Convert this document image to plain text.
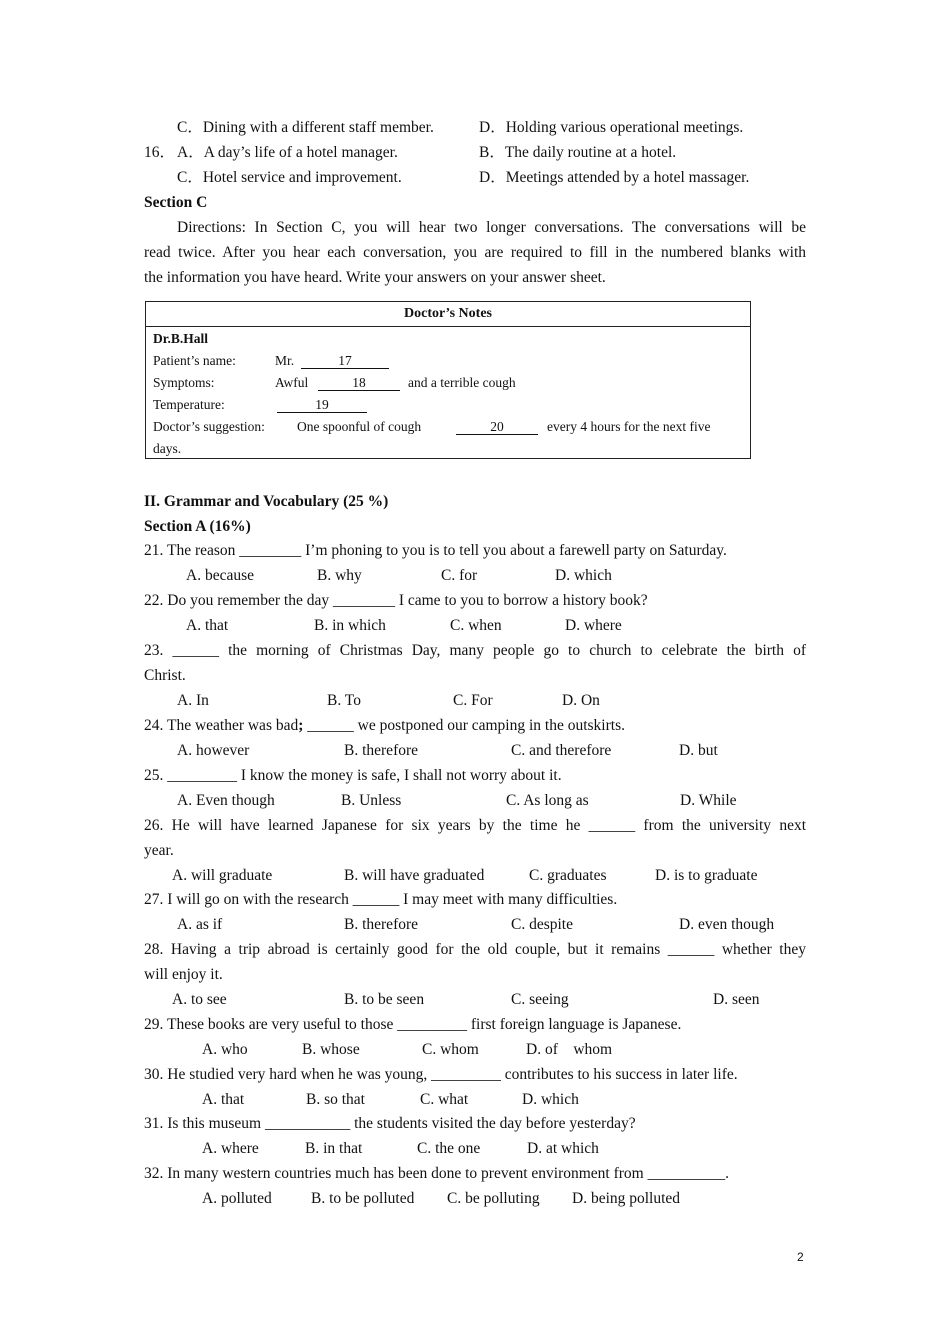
C．Dining with a different staff member.	D．Holding various operational meetings.
16． A．A day’s life of a hotel manager.	B．The daily routine at a hotel.
C．Hotel service and improvement.	D．Meetings attended by a hotel massager.
Section C
Directions: In Section C, you will hear two longer conversations. The conversations will be
read twice. After you hear each conversation, you are required to fill in the numbered blanks with
the information you have heard. Write your answers on your answer sheet.
Doctor’s Notes
Dr.B.Hall
Patient’s name:	Mr.	17
Symptoms:	Awful	18	and a terrible cough
Temperature:	19
Doctor’s suggestion: One spoonful of cough	20	every 4 hours for the next five
days.
II. Grammar and Vocabulary (25 %)
Section A (16%)
21. The reason ________ I’m phoning to you is to tell you about a farewell party on Saturday.
A. because	B. why	C. for	D. which
22. Do you remember the day ________ I came to you to borrow a history book?
A. that	B. in which	C. when	D. where
23. ______ the morning of Christmas Day, many people go to church to celebrate the birth of
Christ.
A. In	B. To	C. For	D. On
24. The weather was bad; ______ we postponed our camping in the outskirts.
A. however	B. therefore	C. and therefore	D. but
25. _________ I know the money is safe, I shall not worry about it.
A. Even though	B. Unless	C. As long as	D. While
26. He will have learned Japanese for six years by the time he ______ from the university next
year.
A. will graduate	B. will have graduated	C. graduates	D. is to graduate
27. I will go on with the research ______ I may meet with many difficulties.
A. as if	B. therefore	C. despite	D. even though
28. Having a trip abroad is certainly good for the old couple, but it remains ______ whether they
will enjoy it.
A. to see	B. to be seen	C. seeing	D. seen
29. These books are very useful to those _________ first foreign language is Japanese.
A. who	B. whose	C. whom	D. of    whom
30. He studied very hard when he was young, _________ contributes to his success in later life.
A. that	B. so that	C. what	D. which
31. Is this museum ___________ the students visited the day before yesterday?
A. where	B. in that	C. the one	D. at which
32. In many western countries much has been done to prevent environment from __________.
A. polluted	B. to be polluted C. be polluting D. being polluted
2
